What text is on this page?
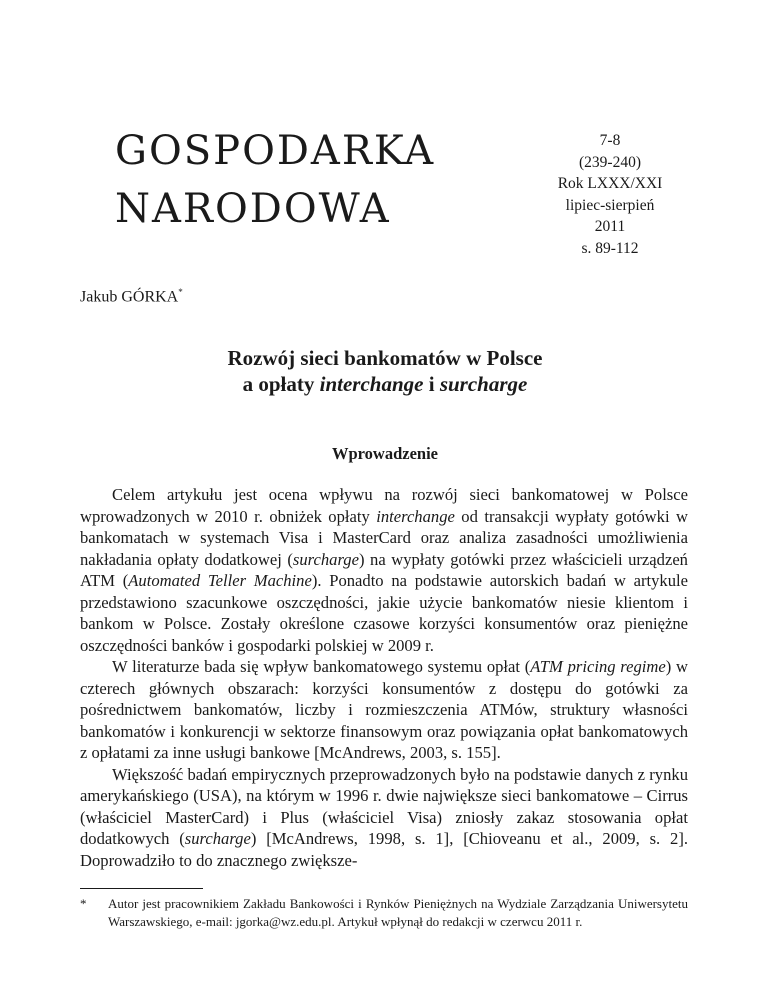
GOSPODARKA
NARODOWA
7-8
(239-240)
Rok LXXX/XXI
lipiec-sierpień
2011
s. 89-112
Jakub GÓRKA*
Rozwój sieci bankomatów w Polsce
a opłaty interchange i surcharge
Wprowadzenie

Celem artykułu jest ocena wpływu na rozwój sieci bankomatowej w Polsce wprowadzonych w 2010 r. obniżek opłaty interchange od transakcji wypłaty gotówki w bankomatach w systemach Visa i MasterCard oraz analiza zasadności umożliwienia nakładania opłaty dodatkowej (surcharge) na wypłaty gotówki przez właścicieli urządzeń ATM (Automated Teller Machine). Ponadto na podstawie autorskich badań w artykule przedstawiono szacunkowe oszczędności, jakie użycie bankomatów niesie klientom i bankom w Polsce. Zostały określone czasowe korzyści konsumentów oraz pieniężne oszczędności banków i gospodarki polskiej w 2009 r.

W literaturze bada się wpływ bankomatowego systemu opłat (ATM pricing regime) w czterech głównych obszarach: korzyści konsumentów z dostępu do gotówki za pośrednictwem bankomatów, liczby i rozmieszczenia ATMów, struktury własności bankomatów i konkurencji w sektorze finansowym oraz powiązania opłat bankomatowych z opłatami za inne usługi bankowe [McAndrews, 2003, s. 155].

Większość badań empirycznych przeprowadzonych było na podstawie danych z rynku amerykańskiego (USA), na którym w 1996 r. dwie największe sieci bankomatowe – Cirrus (właściciel MasterCard) i Plus (właściciel Visa) zniosły zakaz stosowania opłat dodatkowych (surcharge) [McAndrews, 1998, s. 1], [Chioveanu et al., 2009, s. 2]. Doprowadziło to do znacznego zwiększe-

* Autor jest pracownikiem Zakładu Bankowości i Rynków Pieniężnych na Wydziale Zarządzania Uniwersytetu Warszawskiego, e-mail: jgorka@wz.edu.pl. Artykuł wpłynął do redakcji w czerwcu 2011 r.
